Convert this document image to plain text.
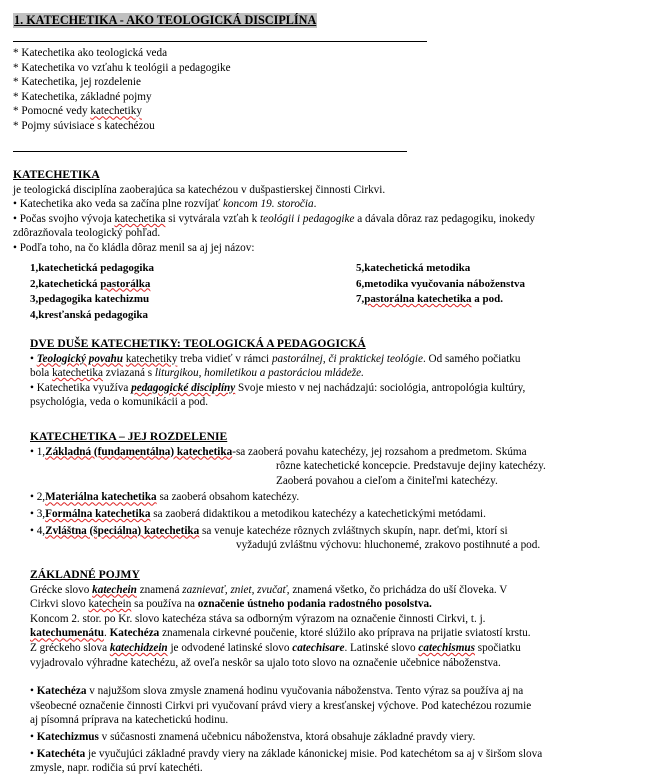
1. KATECHETIKA - AKO TEOLOGICKÁ DISCIPLÍNA

* Katechetika ako teologická veda

* Katechetika vo vzťahu k teológii a pedagogike

* Katechetika, jej rozdelenie

* Katechetika, základné pojmy

* Pomocné vedy katechetiky

* Pojmy súvisiace s katechézou

KATECHETIKA

je teologická disciplína zaoberajúca sa katechézou v dušpastierskej činnosti Cirkvi.

• Katechetika ako veda sa začína plne rozvíjať koncom 19. storočia.

• Počas svojho vývoja katechetika si vytvárala vzťah k teológii i pedagogike a dávala dôraz raz pedagogiku, inokedy

zdôrazňovala teologický pohľad.

• Podľa toho, na čo kládla dôraz menil sa aj jej názov:

1,katechetická pedagogika
2,katechetická pastorálka
3,pedagogika katechizmu
4,kresťanská pedagogika
5,katechetická metodika
6,metodika vyučovania náboženstva
7,pastorálna katechetika a pod.

DVE DUŠE KATECHETIKY: TEOLOGICKÁ A PEDAGOGICKÁ

• Teologický povahu katechetiky treba vidieť v rámci pastorálnej, či praktickej teológie. Od samého počiatku

bola katechetika zviazaná s liturgikou, homiletikou a pastoráciou mládeže.

• Katechetika využíva pedagogické disciplíny Svoje miesto v nej nachádzajú: sociológia, antropológia kultúry,

psychológia, veda o komunikácii a pod.

KATECHETIKA – JEJ ROZDELENIE

• 1,Základná (fundamentálna) katechetika-sa zaoberá povahu katechézy, jej rozsahom a predmetom. Skúma

rôzne katechetické koncepcie. Predstavuje dejiny katechézy.

Zaoberá povahou a cieľom a činiteľmi katechézy.

• 2,Materiálna katechetika sa zaoberá obsahom katechézy.

• 3,Formálna katechetika sa zaoberá didaktikou a metodikou katechézy a katechetickými metódami.

• 4,Zvláštna (špeciálna) katechetika sa venuje katechéze rôznych zvláštnych skupín, napr. deťmi, ktorí si

vyžadujú zvláštnu výchovu: hluchonemé, zrakovo postihnuté a pod.

ZÁKLADNÉ POJMY

Grécke slovo katechein znamená zaznievať, zniet, zvučať, znamená všetko, čo prichádza do uší človeka. V

Cirkvi slovo katechein sa používa na označenie ústneho podania radostného posolstva.

Koncom 2. stor. po Kr. slovo katechéza stáva sa odborným výrazom na označenie činnosti Cirkvi, t. j.

katechumenátu. Katechéza znamenala cirkevné poučenie, ktoré slúžilo ako príprava na prijatie sviatostí krstu.

Z gréckeho slova katechidzein je odvodené latinské slovo catechisare. Latinské slovo catechismus spočiatku

vyjadrovalo výhradne katechézu, až oveľa neskôr sa ujalo toto slovo na označenie učebnice náboženstva.

• Katechéza v najužšom slova zmysle znamená hodinu vyučovania náboženstva. Tento výraz sa používa aj na

všeobecné označenie činnosti Cirkvi pri vyučovaní právd viery a kresťanskej výchove. Pod katechézou rozumie

aj písomná príprava na katechetickú hodinu.

• Katechizmus v súčasnosti znamená učebnicu náboženstva, ktorá obsahuje základné pravdy viery.

• Katechéta je vyučujúci základné pravdy viery na základe kánonickej misie. Pod katechétom sa aj v širšom slova

zmysle, napr. rodičia sú prví katechéti.
